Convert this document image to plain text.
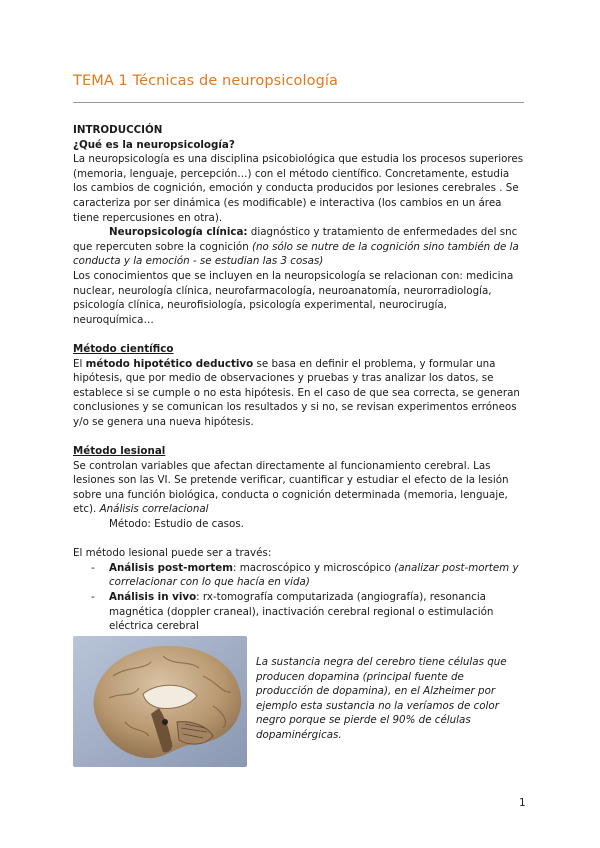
TEMA 1 Técnicas de neuropsicología

INTRODUCCIÓN

¿Qué es la neuropsicología?

La neuropsicología es una disciplina psicobiológica que estudia los procesos superiores (memoria, lenguaje, percepción…) con el método científico. Concretamente, estudia los cambios de cognición, emoción y conducta producidos por lesiones cerebrales . Se caracteriza por ser dinámica (es modificable) e interactiva (los cambios en un área tiene repercusiones en otra).

Neuropsicología clínica: diagnóstico y tratamiento de enfermedades del snc que repercuten sobre la cognición (no sólo se nutre de la cognición sino también de la conducta y la emoción - se estudian las 3 cosas)

Los conocimientos que se incluyen en la neuropsicología se relacionan con: medicina nuclear, neurología clínica, neurofarmacología, neuroanatomía, neurorradiología, psicología clínica, neurofisiología, psicología experimental, neurocirugía, neuroquímica…

Método científico

El método hipotético deductivo se basa en definir el problema, y formular una hipótesis, que por medio de observaciones y pruebas y tras analizar los datos, se establece si se cumple o no esta hipótesis. En el caso de que sea correcta, se generan conclusiones y se comunican los resultados y si no, se revisan experimentos erróneos y/o se genera una nueva hipótesis.

Método lesional

Se controlan variables que afectan directamente al funcionamiento cerebral. Las lesiones son las VI. Se pretende verificar, cuantificar y estudiar el efecto de la lesión sobre una función biológica, conducta o cognición determinada (memoria, lenguaje, etc). Análisis correlacional

Método: Estudio de casos.

El método lesional puede ser a través:

- Análisis post-mortem: macroscópico y microscópico (analizar post-mortem y correlacionar con lo que hacía en vida)
- Análisis in vivo: rx-tomografía computarizada (angiografía), resonancia magnética (doppler craneal), inactivación cerebral regional o estimulación eléctrica cerebral
La sustancia negra del cerebro tiene células que producen dopamina (principal fuente de producción de dopamina), en el Alzheimer por ejemplo esta sustancia no la veríamos de color negro porque se pierde el 90% de células dopaminérgicas.
1
